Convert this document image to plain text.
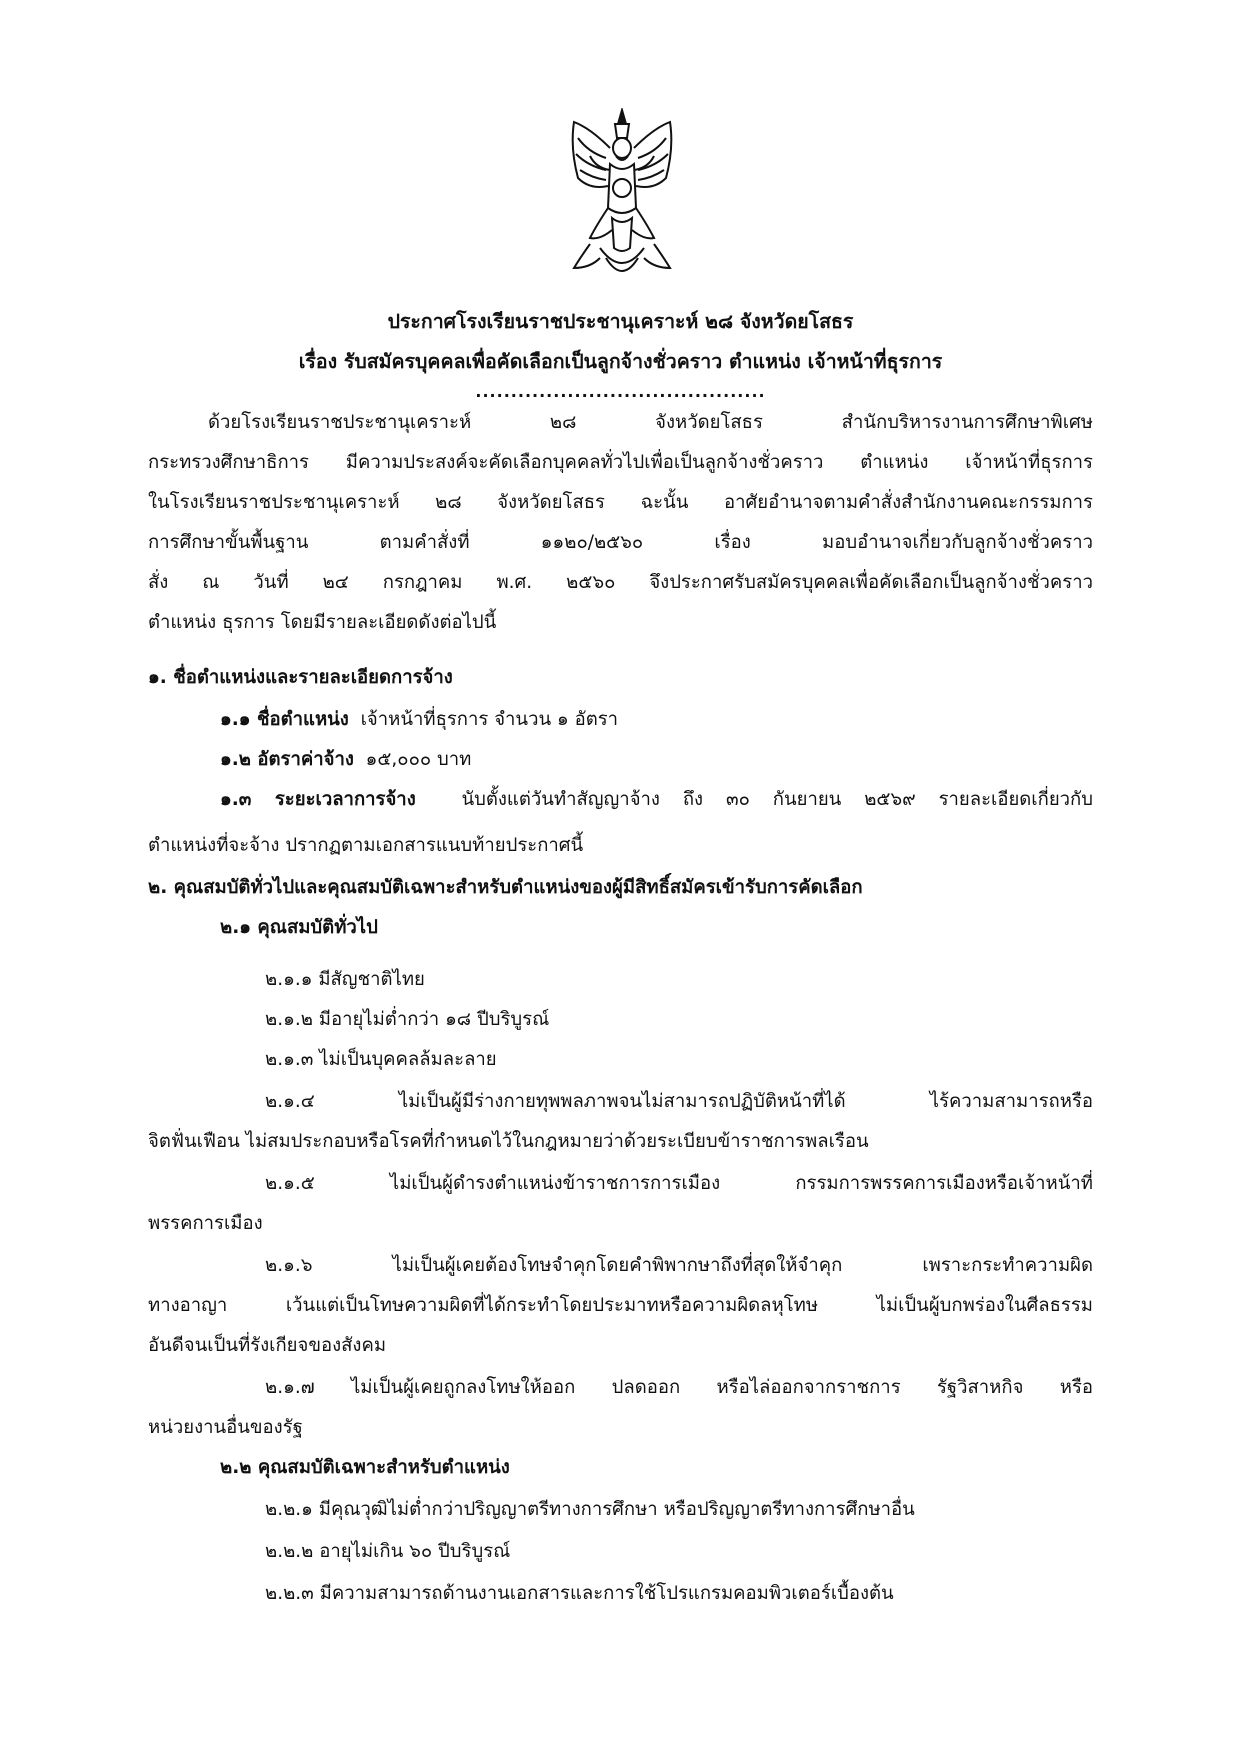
ประกาศโรงเรียนราชประชานุเคราะห์ ๒๘ จังหวัดยโสธร
เรื่อง รับสมัครบุคคลเพื่อคัดเลือกเป็นลูกจ้างชั่วคราว ตำแหน่ง เจ้าหน้าที่ธุรการ
.........................................
ด้วยโรงเรียนราชประชานุเคราะห์ ๒๘ จังหวัดยโสธร สำนักบริหารงานการศึกษาพิเศษ
กระทรวงศึกษาธิการ มีความประสงค์จะคัดเลือกบุคคลทั่วไปเพื่อเป็นลูกจ้างชั่วคราว ตำแหน่ง เจ้าหน้าที่ธุรการ
ในโรงเรียนราชประชานุเคราะห์ ๒๘ จังหวัดยโสธร ฉะนั้น อาศัยอำนาจตามคำสั่งสำนักงานคณะกรรมการ
การศึกษาขั้นพื้นฐาน ตามคำสั่งที่ ๑๑๒๐/๒๕๖๐ เรื่อง มอบอำนาจเกี่ยวกับลูกจ้างชั่วคราว
สั่ง ณ วันที่ ๒๔ กรกฎาคม พ.ศ. ๒๕๖๐ จึงประกาศรับสมัครบุคคลเพื่อคัดเลือกเป็นลูกจ้างชั่วคราว
ตำแหน่ง ธุรการ โดยมีรายละเอียดดังต่อไปนี้
๑. ชื่อตำแหน่งและรายละเอียดการจ้าง
๑.๑ ชื่อตำแหน่ง เจ้าหน้าที่ธุรการ จำนวน ๑ อัตรา
๑.๒ อัตราค่าจ้าง ๑๕,๐๐๐ บาท
๑.๓ ระยะเวลาการจ้าง นับตั้งแต่วันทำสัญญาจ้าง ถึง ๓๐ กันยายน ๒๕๖๙ รายละเอียดเกี่ยวกับ
ตำแหน่งที่จะจ้าง ปรากฏตามเอกสารแนบท้ายประกาศนี้
๒. คุณสมบัติทั่วไปและคุณสมบัติเฉพาะสำหรับตำแหน่งของผู้มีสิทธิ์สมัครเข้ารับการคัดเลือก
๒.๑ คุณสมบัติทั่วไป
๒.๑.๑ มีสัญชาติไทย
๒.๑.๒ มีอายุไม่ต่ำกว่า ๑๘ ปีบริบูรณ์
๒.๑.๓ ไม่เป็นบุคคลล้มละลาย
๒.๑.๔ ไม่เป็นผู้มีร่างกายทุพพลภาพจนไม่สามารถปฏิบัติหน้าที่ได้ ไร้ความสามารถหรือ
จิตฟั่นเฟือน ไม่สมประกอบหรือโรคที่กำหนดไว้ในกฎหมายว่าด้วยระเบียบข้าราชการพลเรือน
๒.๑.๕ ไม่เป็นผู้ดำรงตำแหน่งข้าราชการการเมือง กรรมการพรรคการเมืองหรือเจ้าหน้าที่
พรรคการเมือง
๒.๑.๖ ไม่เป็นผู้เคยต้องโทษจำคุกโดยคำพิพากษาถึงที่สุดให้จำคุก เพราะกระทำความผิด
ทางอาญา เว้นแต่เป็นโทษความผิดที่ได้กระทำโดยประมาทหรือความผิดลหุโทษ ไม่เป็นผู้บกพร่องในศีลธรรม
อันดีจนเป็นที่รังเกียจของสังคม
๒.๑.๗ ไม่เป็นผู้เคยถูกลงโทษให้ออก ปลดออก หรือไล่ออกจากราชการ รัฐวิสาหกิจ หรือ
หน่วยงานอื่นของรัฐ
๒.๒ คุณสมบัติเฉพาะสำหรับตำแหน่ง
๒.๒.๑ มีคุณวุฒิไม่ต่ำกว่าปริญญาตรีทางการศึกษา หรือปริญญาตรีทางการศึกษาอื่น
๒.๒.๒ อายุไม่เกิน ๖๐ ปีบริบูรณ์
๒.๒.๓ มีความสามารถด้านงานเอกสารและการใช้โปรแกรมคอมพิวเตอร์เบื้องต้น
